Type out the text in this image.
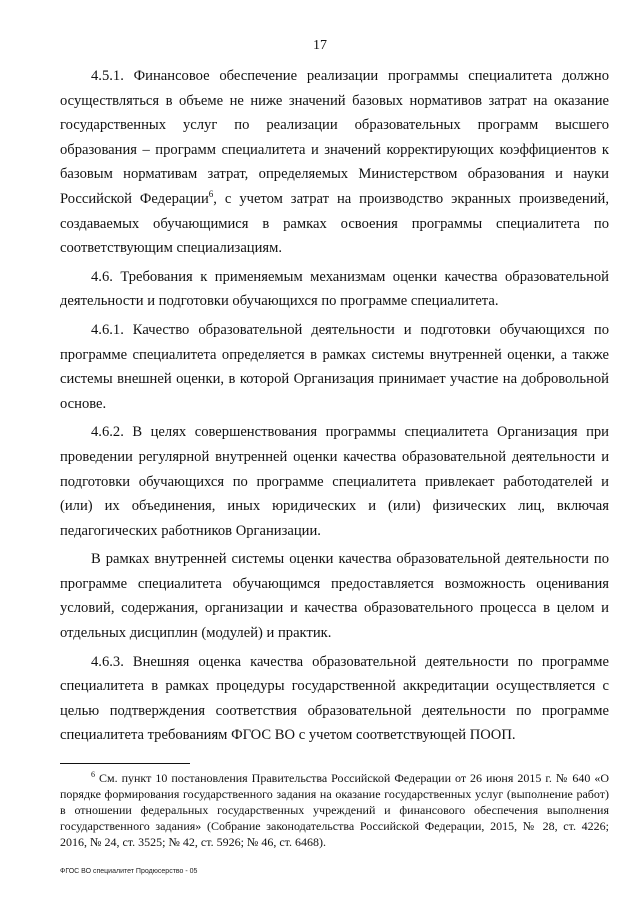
17

4.5.1. Финансовое обеспечение реализации программы специалитета должно осуществляться в объеме не ниже значений базовых нормативов затрат на оказание государственных услуг по реализации образовательных программ высшего образования – программ специалитета и значений корректирующих коэффициентов к базовым нормативам затрат, определяемых Министерством образования и науки Российской Федерации$^6$, с учетом затрат на производство экранных произведений, создаваемых обучающимися в рамках освоения программы специалитета по соответствующим специализациям.

4.6. Требования к применяемым механизмам оценки качества образовательной деятельности и подготовки обучающихся по программе специалитета.

4.6.1. Качество образовательной деятельности и подготовки обучающихся по программе специалитета определяется в рамках системы внутренней оценки, а также системы внешней оценки, в которой Организация принимает участие на добровольной основе.

4.6.2. В целях совершенствования программы специалитета Организация при проведении регулярной внутренней оценки качества образовательной деятельности и подготовки обучающихся по программе специалитета привлекает работодателей и (или) их объединения, иных юридических и (или) физических лиц, включая педагогических работников Организации.

В рамках внутренней системы оценки качества образовательной деятельности по программе специалитета обучающимся предоставляется возможность оценивания условий, содержания, организации и качества образовательного процесса в целом и отдельных дисциплин (модулей) и практик.

4.6.3. Внешняя оценка качества образовательной деятельности по программе специалитета в рамках процедуры государственной аккредитации осуществляется с целью подтверждения соответствия образовательной деятельности по программе специалитета требованиям ФГОС ВО с учетом соответствующей ПООП.

$^6$ См. пункт 10 постановления Правительства Российской Федерации от 26 июня 2015 г. № 640 «О порядке формирования государственного задания на оказание государственных услуг (выполнение работ) в отношении федеральных государственных учреждений и финансового обеспечения выполнения государственного задания» (Собрание законодательства Российской Федерации, 2015, № 28, ст. 4226; 2016, № 24, ст. 3525; № 42, ст. 5926; № 46, ст. 6468).

ФГОС ВО специалитет Продюсерство - 05
